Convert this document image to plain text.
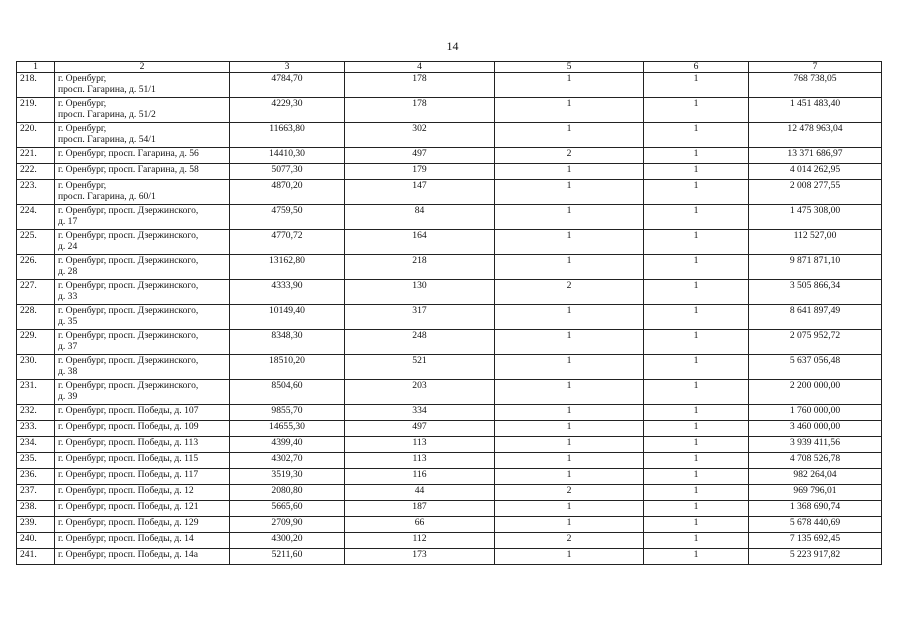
14
1	2	3	4	5	6	7
218.	г. Оренбург,
просп. Гагарина, д. 51/1	4784,70	178	1	1	768 738,05
219.	г. Оренбург,
просп. Гагарина, д. 51/2	4229,30	178	1	1	1 451 483,40
220.	г. Оренбург,
просп. Гагарина, д. 54/1	11663,80	302	1	1	12 478 963,04
221.	г. Оренбург, просп. Гагарина, д. 56	14410,30	497	2	1	13 371 686,97
222.	г. Оренбург, просп. Гагарина, д. 58	5077,30	179	1	1	4 014 262,95
223.	г. Оренбург,
просп. Гагарина, д. 60/1	4870,20	147	1	1	2 008 277,55
224.	г. Оренбург, просп. Дзержинского,
д. 17	4759,50	84	1	1	1 475 308,00
225.	г. Оренбург, просп. Дзержинского,
д. 24	4770,72	164	1	1	112 527,00
226.	г. Оренбург, просп. Дзержинского,
д. 28	13162,80	218	1	1	9 871 871,10
227.	г. Оренбург, просп. Дзержинского,
д. 33	4333,90	130	2	1	3 505 866,34
228.	г. Оренбург, просп. Дзержинского,
д. 35	10149,40	317	1	1	8 641 897,49
229.	г. Оренбург, просп. Дзержинского,
д. 37	8348,30	248	1	1	2 075 952,72
230.	г. Оренбург, просп. Дзержинского,
д. 38	18510,20	521	1	1	5 637 056,48
231.	г. Оренбург, просп. Дзержинского,
д. 39	8504,60	203	1	1	2 200 000,00
232.	г. Оренбург, просп. Победы, д. 107	9855,70	334	1	1	1 760 000,00
233.	г. Оренбург, просп. Победы, д. 109	14655,30	497	1	1	3 460 000,00
234.	г. Оренбург, просп. Победы, д. 113	4399,40	113	1	1	3 939 411,56
235.	г. Оренбург, просп. Победы, д. 115	4302,70	113	1	1	4 708 526,78
236.	г. Оренбург, просп. Победы, д. 117	3519,30	116	1	1	982 264,04
237.	г. Оренбург, просп. Победы, д. 12	2080,80	44	2	1	969 796,01
238.	г. Оренбург, просп. Победы, д. 121	5665,60	187	1	1	1 368 690,74
239.	г. Оренбург, просп. Победы, д. 129	2709,90	66	1	1	5 678 440,69
240.	г. Оренбург, просп. Победы, д. 14	4300,20	112	2	1	7 135 692,45
241.	г. Оренбург, просп. Победы, д. 14а	5211,60	173	1	1	5 223 917,82
